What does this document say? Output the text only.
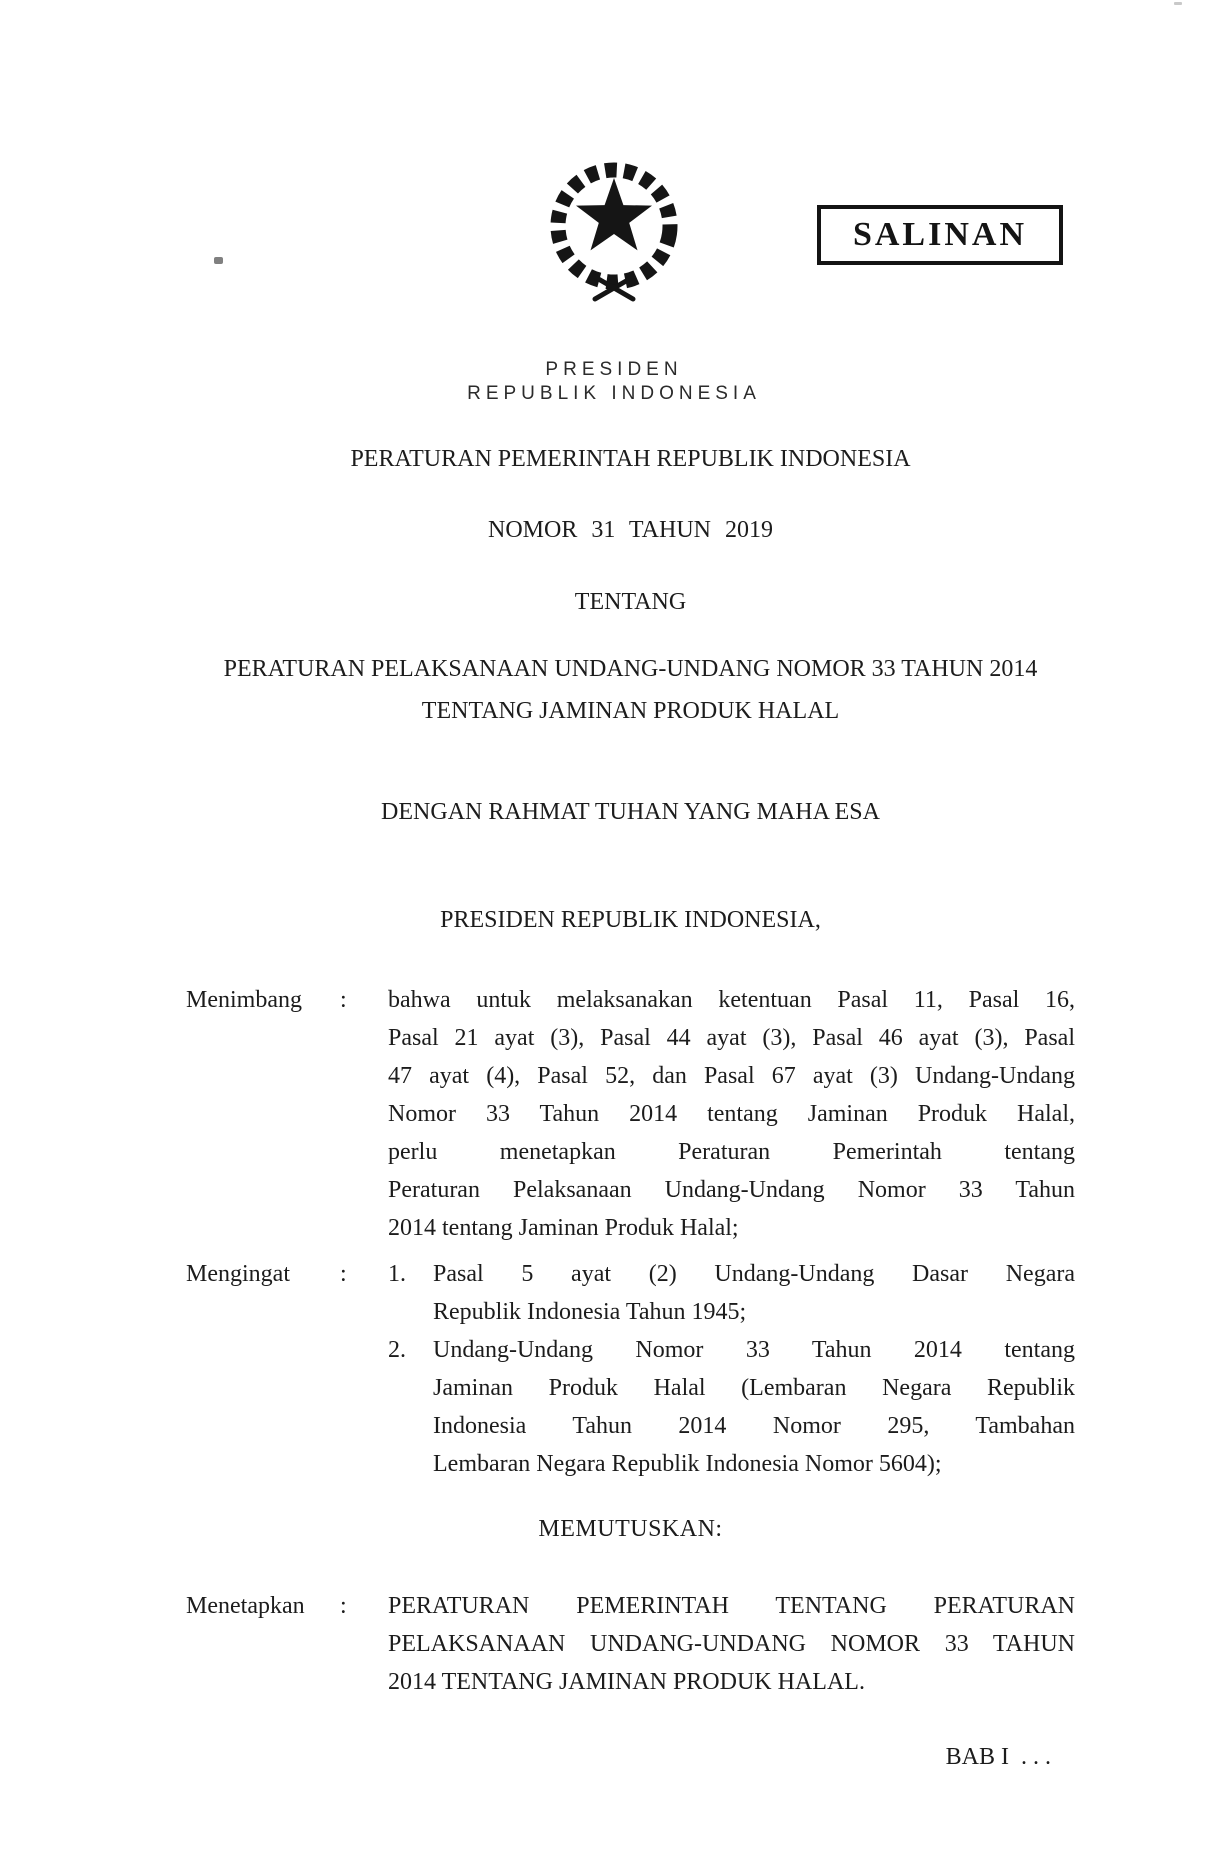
PRESIDEN
REPUBLIK INDONESIA
SALINAN
PERATURAN PEMERINTAH REPUBLIK INDONESIA
NOMOR 31 TAHUN 2019
TENTANG
PERATURAN PELAKSANAAN UNDANG-UNDANG NOMOR 33 TAHUN 2014
TENTANG JAMINAN PRODUK HALAL
DENGAN RAHMAT TUHAN YANG MAHA ESA
PRESIDEN REPUBLIK INDONESIA,
Menimbang	:	bahwa untuk melaksanakan ketentuan Pasal 11, Pasal 16,
Pasal 21 ayat (3), Pasal 44 ayat (3), Pasal 46 ayat (3), Pasal
47 ayat (4), Pasal 52, dan Pasal 67 ayat (3) Undang-Undang
Nomor 33 Tahun 2014 tentang Jaminan Produk Halal,
perlu menetapkan Peraturan Pemerintah tentang
Peraturan Pelaksanaan Undang-Undang Nomor 33 Tahun
2014 tentang Jaminan Produk Halal;
Mengingat	:	1.	Pasal 5 ayat (2) Undang-Undang Dasar Negara
Republik Indonesia Tahun 1945;
2.	Undang-Undang Nomor 33 Tahun 2014 tentang
Jaminan Produk Halal (Lembaran Negara Republik
Indonesia Tahun 2014 Nomor 295, Tambahan
Lembaran Negara Republik Indonesia Nomor 5604);
MEMUTUSKAN:
Menetapkan	:	PERATURAN PEMERINTAH TENTANG PERATURAN
PELAKSANAAN UNDANG-UNDANG NOMOR 33 TAHUN
2014 TENTANG JAMINAN PRODUK HALAL.
BAB I  . . .
